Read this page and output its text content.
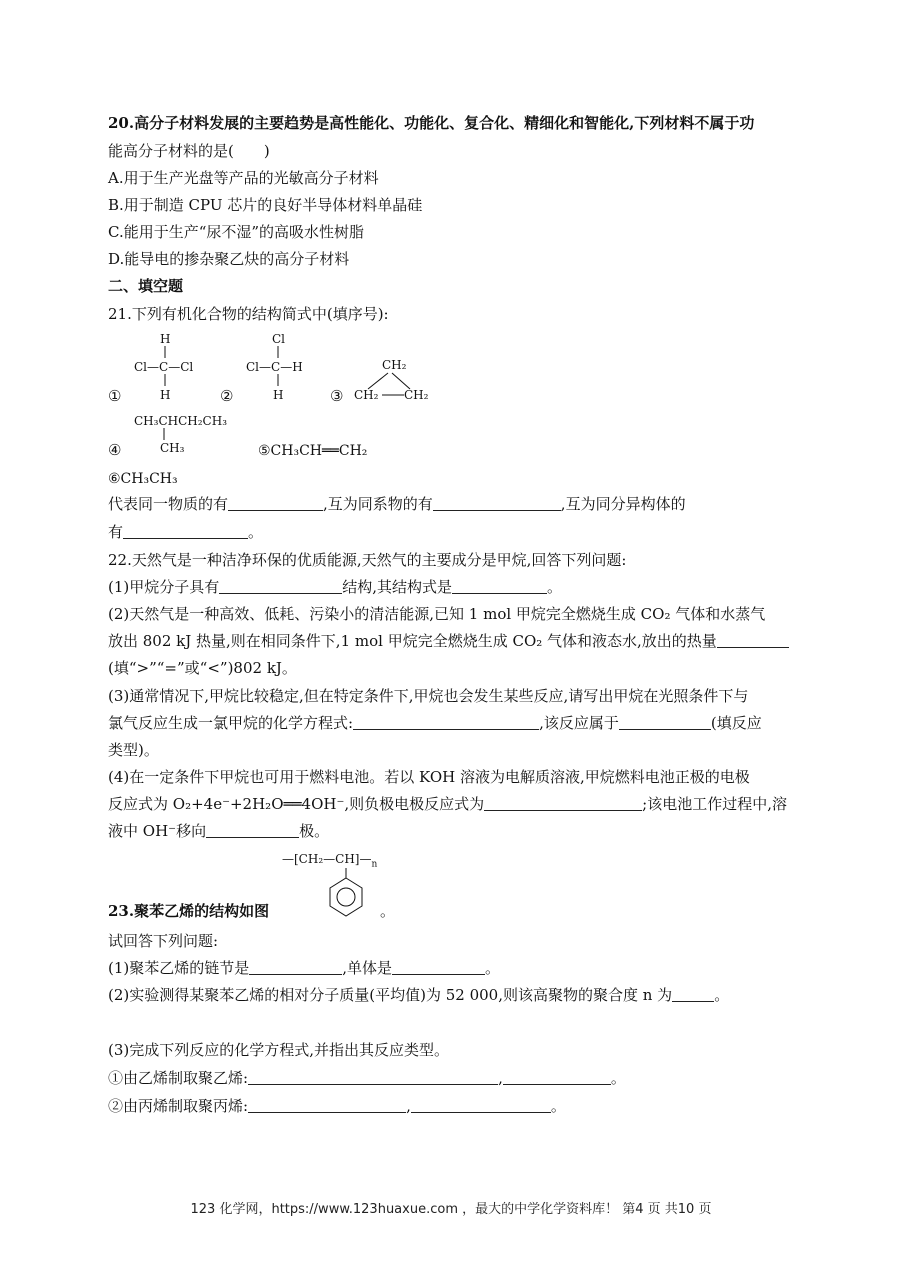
20.高分子材料发展的主要趋势是高性能化、功能化、复合化、精细化和智能化,下列材料不属于功
能高分子材料的是(　　)
A.用于生产光盘等产品的光敏高分子材料
B.用于制造 CPU 芯片的良好半导体材料单晶硅
C.能用于生产“尿不湿”的高吸水性树脂
D.能导电的掺杂聚乙炔的高分子材料
二、填空题
21.下列有机化合物的结构简式中(填序号):
H
Cl—C—Cl
H
①
Cl
Cl—C—H
H
②
CH₂
CH₂ CH₂
③
CH₃CHCH₂CH₃
CH₃
④	⑤CH₃CH══CH₂
⑥CH₃CH₃
代表同一物质的有	,互为同系物的有	,互为同分异构体的
有	。
22.天然气是一种洁净环保的优质能源,天然气的主要成分是甲烷,回答下列问题:
(1)甲烷分子具有	结构,其结构式是	。
(2)天然气是一种高效、低耗、污染小的清洁能源,已知 1 mol 甲烷完全燃烧生成 CO₂ 气体和水蒸气
放出 802 kJ 热量,则在相同条件下,1 mol 甲烷完全燃烧生成 CO₂ 气体和液态水,放出的热量
(填“>”“=”或“<”)802 kJ。
(3)通常情况下,甲烷比较稳定,但在特定条件下,甲烷也会发生某些反应,请写出甲烷在光照条件下与
氯气反应生成一氯甲烷的化学方程式:	,该反应属于	(填反应
类型)。
(4)在一定条件下甲烷也可用于燃料电池。若以 KOH 溶液为电解质溶液,甲烷燃料电池正极的电极
反应式为 O₂+4e⁻+2H₂O══4OH⁻,则负极电极反应式为	;该电池工作过程中,溶
液中 OH⁻移向	极。
$—[CH_2—CH]—_n$
23.聚苯乙烯的结构如图	。
试回答下列问题:
(1)聚苯乙烯的链节是	,单体是	。
(2)实验测得某聚苯乙烯的相对分子质量(平均值)为 52 000,则该高聚物的聚合度 n 为	。
(3)完成下列反应的化学方程式,并指出其反应类型。
①由乙烯制取聚乙烯:	,	。
②由丙烯制取聚丙烯:	,	。
123 化学网，https://www.123huaxue.com ，最大的中学化学资料库！ 第4 页 共10 页
